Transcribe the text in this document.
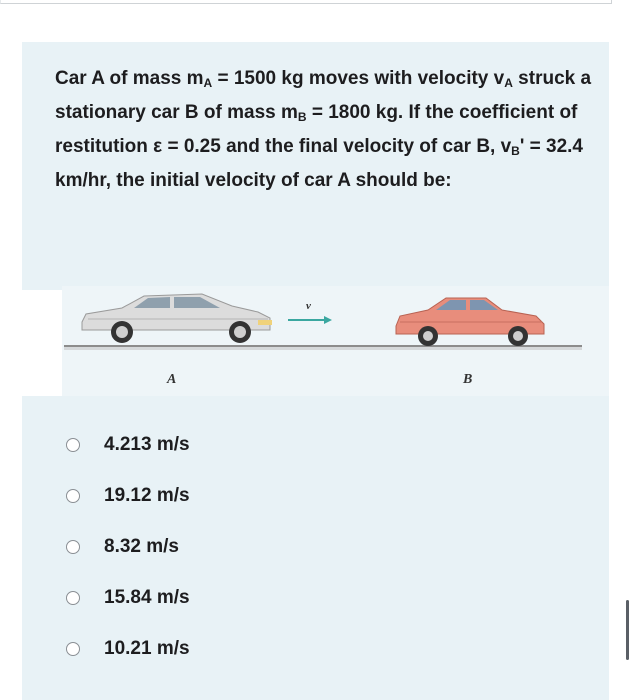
Car A of mass $m_A = 1500$ kg moves with velocity $v_A$ struck a stationary car B of mass $m_B = 1800$ kg. If the coefficient of restitution ε = 0.25 and the final velocity of car B, $v_B' = 32.4$ km/hr, the initial velocity of car A should be:

v
A	B
4.213 m/s
19.12 m/s
8.32 m/s
15.84 m/s
10.21 m/s
